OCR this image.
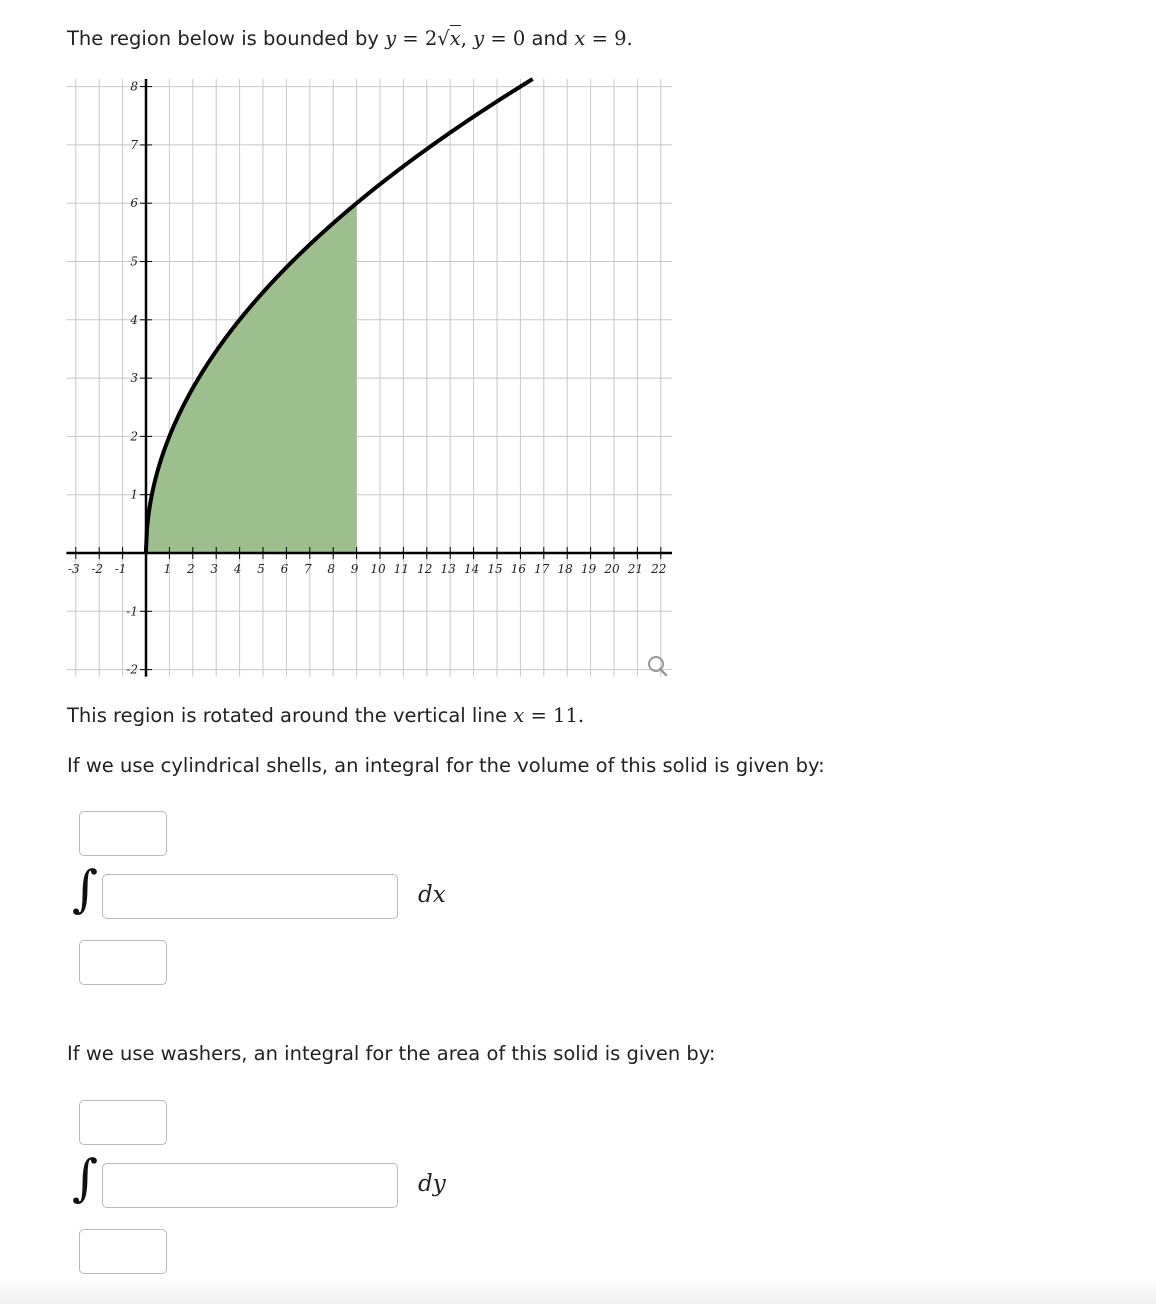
The region below is bounded by y = 2√x, y = 0 and x = 9.
-3 -2 -1	1 2 3 4 5 6 7 8 9 10 11 12 13 14 15 16 17 18 19 20 21 22
8
7
6
5
4
3
2
1
-1
-2
This region is rotated around the vertical line x = 11.
If we use cylindrical shells, an integral for the volume of this solid is given by:
∫	dx
If we use washers, an integral for the area of this solid is given by:
∫	dy
